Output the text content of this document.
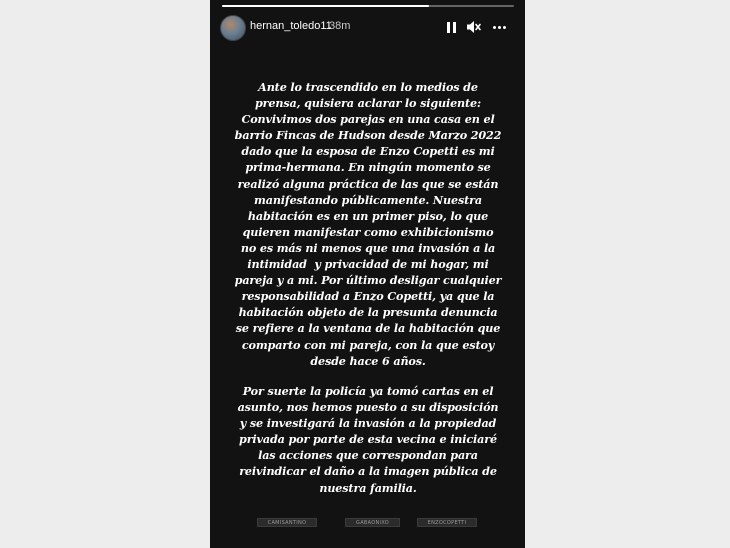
hernan_toledo11
38m
Ante lo trascendido en lo medios de
prensa, quisiera aclarar lo siguiente:
Convivimos dos parejas en una casa en el
barrio Fincas de Hudson desde Marzo 2022
dado que la esposa de Enzo Copetti es mi
prima-hermana. En ningún momento se
realizó alguna práctica de las que se están
manifestando públicamente. Nuestra
habitación es en un primer piso, lo que
quieren manifestar como exhibicionismo
no es más ni menos que una invasión a la
intimidad  y privacidad de mi hogar, mi
pareja y a mi. Por último desligar cualquier
responsabilidad a Enzo Copetti, ya que la
habitación objeto de la presunta denuncia
se refiere a la ventana de la habitación que
comparto con mi pareja, con la que estoy
desde hace 6 años.
Por suerte la policía ya tomó cartas en el
asunto, nos hemos puesto a su disposición
y se investigará la invasión a la propiedad
privada por parte de esta vecina e iniciaré
las acciones que correspondan para
reivindicar el daño a la imagen pública de
nuestra familia.
CAMISANTINO	GABAONIXO	ENZOCOPETTI
